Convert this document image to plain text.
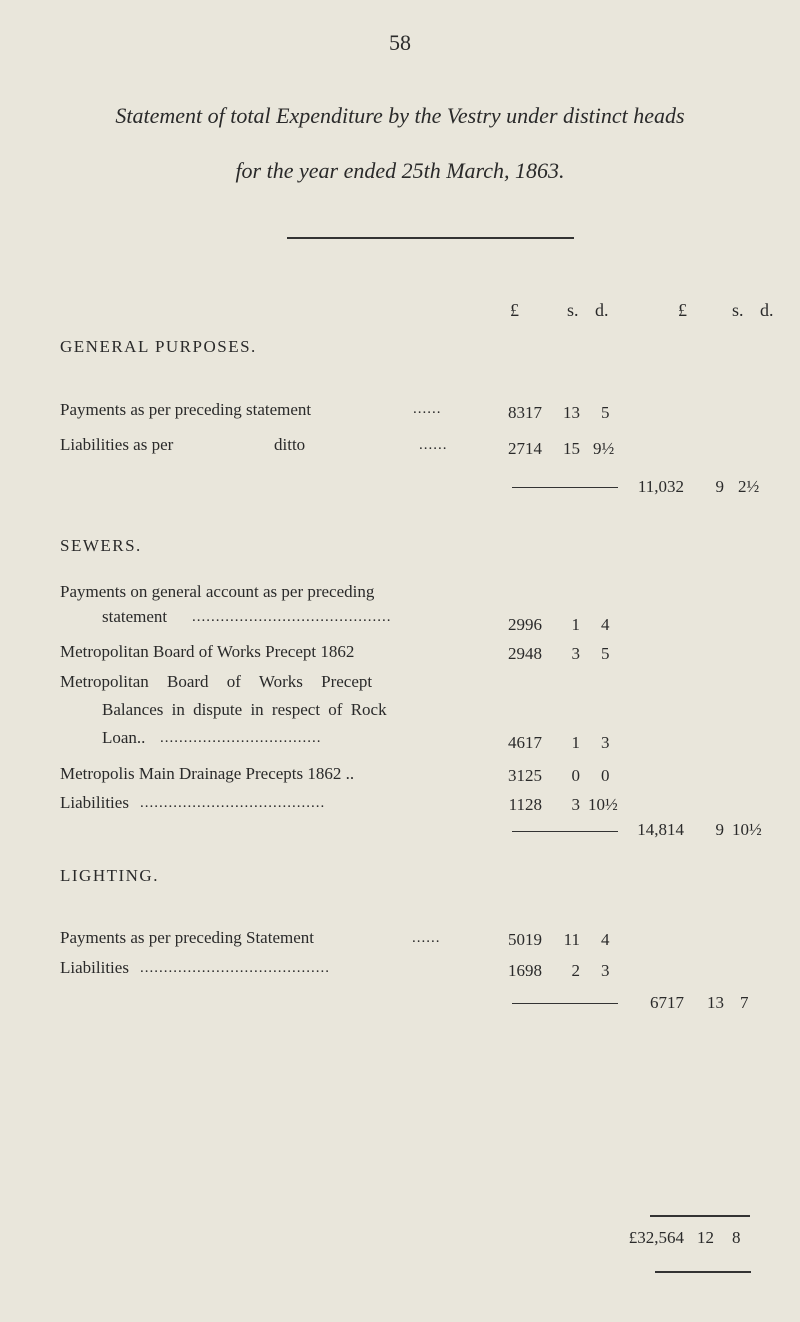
58
Statement of total Expenditure by the Vestry under distinct heads
for the year ended 25th March, 1863.
£	s. d.	£	s. d.
GENERAL PURPOSES.
Payments as per preceding statement	......	8317	13 5
Liabilities as per	ditto	......	2714	15 9½
11,032	9 2½
SEWERS.
Payments on general account as per preceding
statement ..........................................	2996	1 4
Metropolitan Board of Works Precept 1862	2948	3 5
Metropolitan Board of Works Precept
Balances in dispute in respect of Rock
Loan.. ..................................	4617	1 3
Metropolis Main Drainage Precepts 1862 ..	3125	0 0
Liabilities .......................................	1128	3 10½
14,814	9 10½
LIGHTING.
Payments as per preceding Statement	......	5019	11 4
Liabilities ........................................	1698	2 3
6717	13 7
£32,564 12 8
